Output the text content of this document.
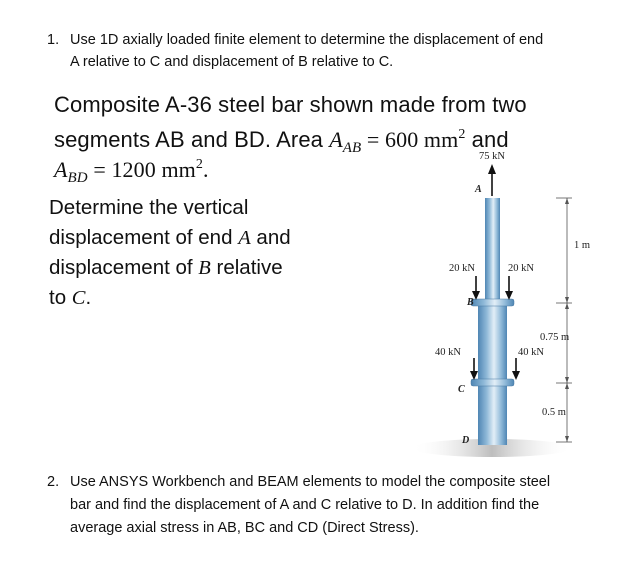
1. Use 1D axially loaded finite element to determine the displacement of end
A relative to C and displacement of B relative to C.
Composite A-36 steel bar shown made from two
segments AB and BD. Area $A_{AB} = 600$ $mm^2$ and
$A_{BD} = 1200$ $mm^2$.
Determine the vertical
displacement of end A and
displacement of B relative
to C.
75 kN
A
20 kN	20 kN
B
40 kN	40 kN
C
D
1 m
0.75 m
0.5 m
2. Use ANSYS Workbench and BEAM elements to model the composite steel
bar and find the displacement of A and C relative to D. In addition find the
average axial stress in AB, BC and CD (Direct Stress).
